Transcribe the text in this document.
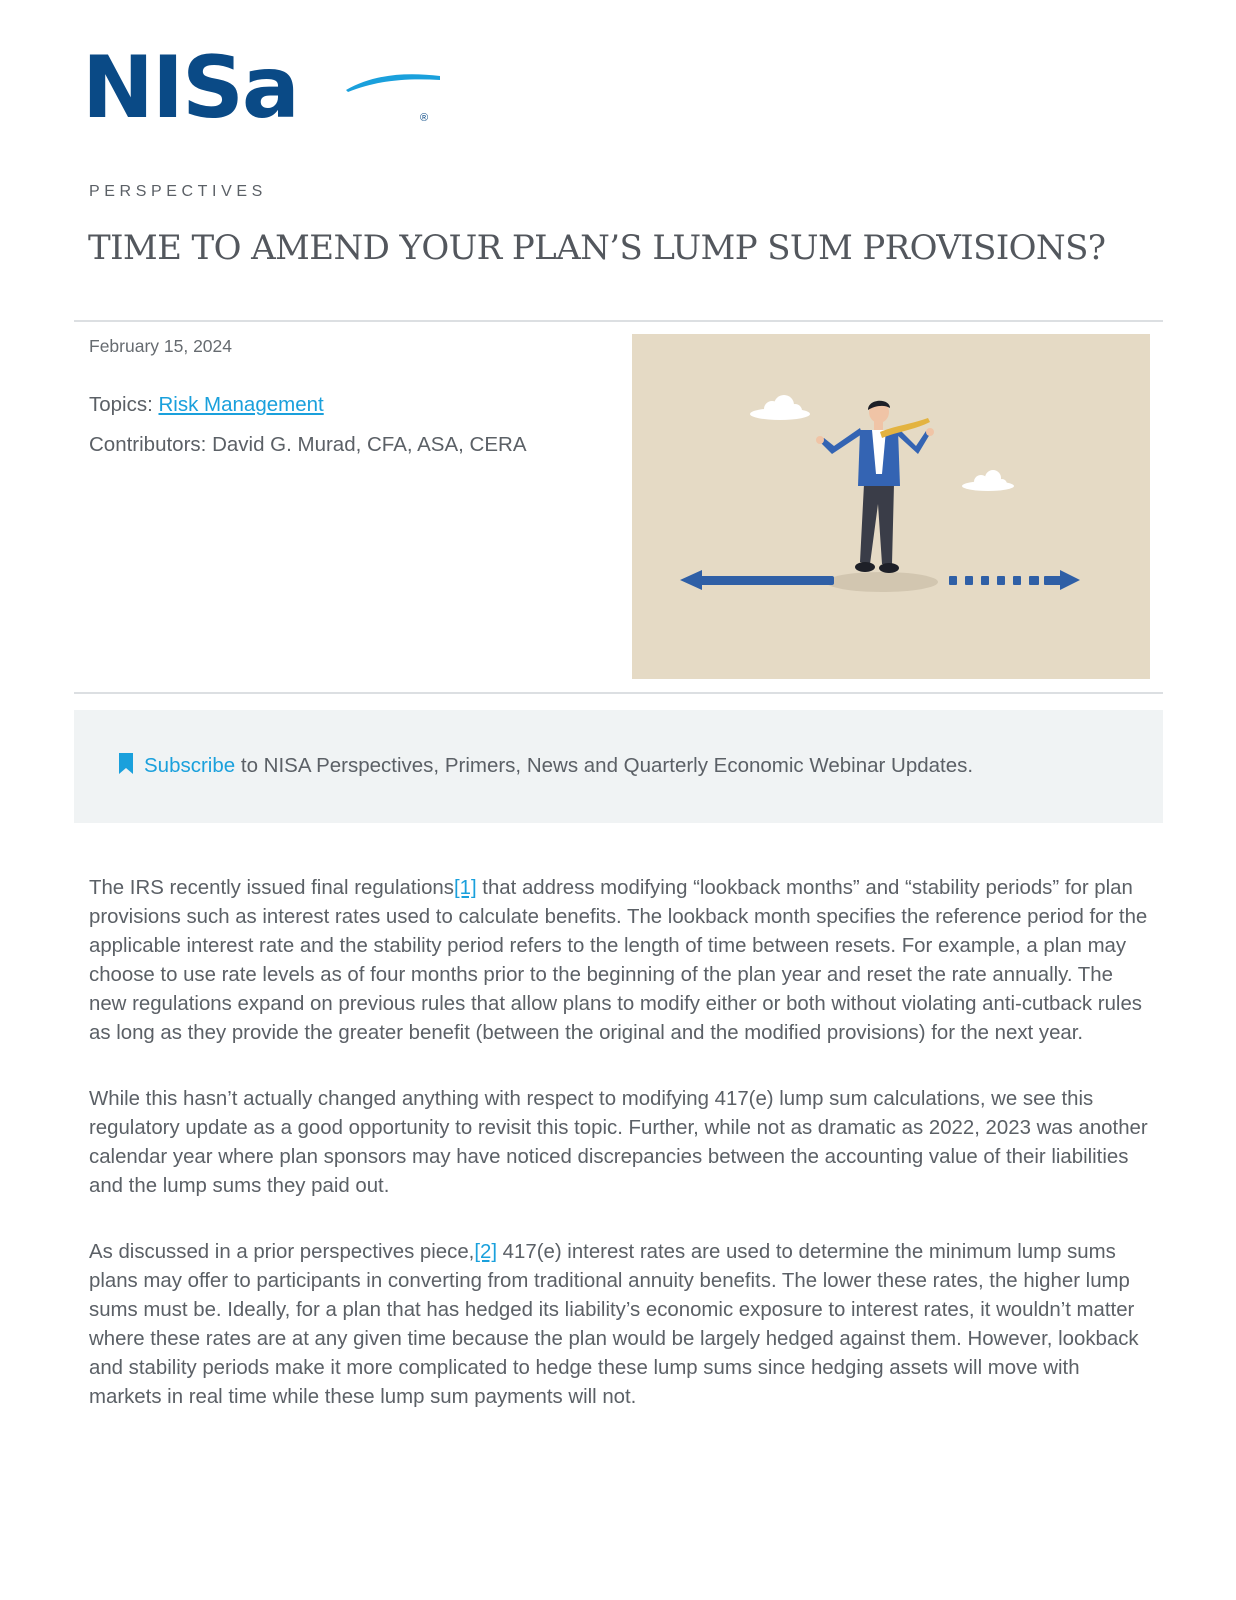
NISa	®
PERSPECTIVES
TIME TO AMEND YOUR PLAN’S LUMP SUM PROVISIONS?
February 15, 2024
Topics: Risk Management
Contributors: David G. Murad, CFA, ASA, CERA
Subscribe to NISA Perspectives, Primers, News and Quarterly Economic Webinar Updates.

The IRS recently issued final regulations[1] that address modifying “lookback months” and “stability periods” for plan provisions such as interest rates used to calculate benefits. The lookback month specifies the reference period for the applicable interest rate and the stability period refers to the length of time between resets. For example, a plan may choose to use rate levels as of four months prior to the beginning of the plan year and reset the rate annually. The new regulations expand on previous rules that allow plans to modify either or both without violating anti-cutback rules as long as they provide the greater benefit (between the original and the modified provisions) for the next year.

While this hasn’t actually changed anything with respect to modifying 417(e) lump sum calculations, we see this regulatory update as a good opportunity to revisit this topic. Further, while not as dramatic as 2022, 2023 was another calendar year where plan sponsors may have noticed discrepancies between the accounting value of their liabilities and the lump sums they paid out.

As discussed in a prior perspectives piece,[2] 417(e) interest rates are used to determine the minimum lump sums plans may offer to participants in converting from traditional annuity benefits. The lower these rates, the higher lump sums must be. Ideally, for a plan that has hedged its liability’s economic exposure to interest rates, it wouldn’t matter where these rates are at any given time because the plan would be largely hedged against them. However, lookback and stability periods make it more complicated to hedge these lump sums since hedging assets will move with markets in real time while these lump sum payments will not.
